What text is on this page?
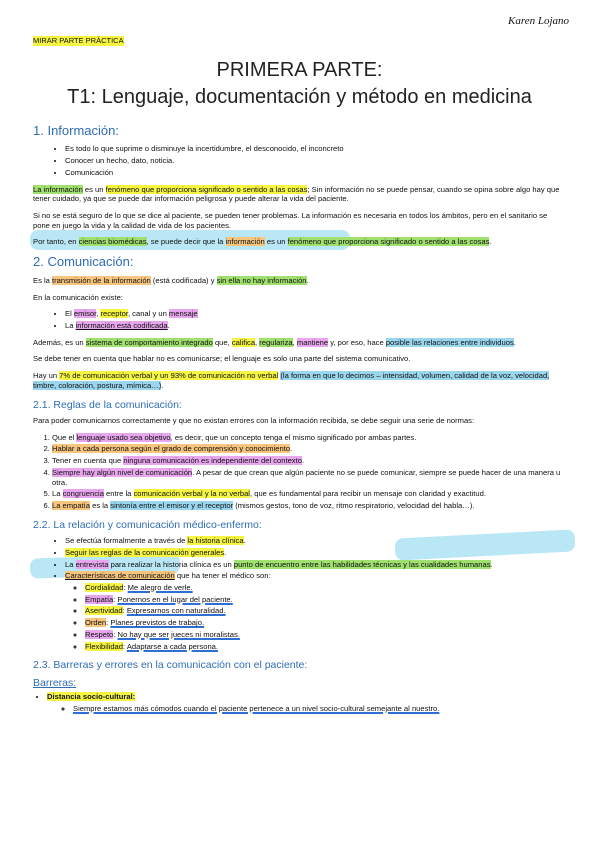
Karen Lojano
MIRAR PARTE PRÁCTICA
PRIMERA PARTE:
T1: Lenguaje, documentación y método en medicina
1. Información:
• Es todo lo que suprime o disminuye la incertidumbre, el desconocido, el inconcreto
• Conocer un hecho, dato, noticia.
• Comunicación

La información es un fenómeno que proporciona significado o sentido a las cosas; Sin información no se puede pensar, cuando se opina sobre algo hay que tener cuidado, ya que se puede dar información peligrosa y puede alterar la vida del paciente.

Si no se está seguro de lo que se dice al paciente, se pueden tener problemas. La información es necesaria en todos los ámbitos, pero en el sanitario se pone en juego la vida y la calidad de vida de los pacientes.

Por tanto, en ciencias biomédicas, se puede decir que la información es un fenómeno que proporciona significado o sentido a las cosas.

2. Comunicación:

Es la transmisión de la información (está codificada) y sin ella no hay información.

En la comunicación existe:

• El emisor, receptor, canal y un mensaje
• La información está codificada.

Además, es un sistema de comportamiento integrado que, califica, regulariza, mantiene y, por eso, hace posible las relaciones entre individuos.

Se debe tener en cuenta que hablar no es comunicarse; el lenguaje es solo una parte del sistema comunicativo.

Hay un 7% de comunicación verbal y un 93% de comunicación no verbal (la forma en que lo decimos – intensidad, volumen, calidad de la voz, velocidad, timbre, coloración, postura, mímica…).

2.1. Reglas de la comunicación:

Para poder comunicarnos correctamente y que no existan errores con la información recibida, se debe seguir una serie de normas:

1. Que el lenguaje usado sea objetivo, es decir, que un concepto tenga el mismo significado por ambas partes.
2. Hablar a cada persona según el grado de comprensión y conocimiento.
3. Tener en cuenta que ninguna comunicación es independiente del contexto.
4. Siempre hay algún nivel de comunicación. A pesar de que crean que algún paciente no se puede comunicar, siempre se puede hacer de una manera u otra.
5. La congruencia entre la comunicación verbal y la no verbal, que es fundamental para recibir un mensaje con claridad y exactitud.
6. La empatía es la sintonía entre el emisor y el receptor (mismos gestos, tono de voz, ritmo respiratorio, velocidad del habla…).
2.2. La relación y comunicación médico-enfermo:
• Se efectúa formalmente a través de la historia clínica.
• Seguir las reglas de la comunicación generales.
• La entrevista para realizar la historia clínica es un punto de encuentro entre las habilidades técnicas y las cualidades humanas.
• Características de comunicación que ha tener el médico son:
◦ Cordialidad: Me alegro de verle.
◦ Empatía: Ponernos en el lugar del paciente.
◦ Asertividad: Expresarnos con naturalidad.
◦ Orden: Planes previstos de trabajo.
◦ Respeto: No hay que ser jueces ni moralistas.
◦ Flexibilidad: Adaptarse a cada persona.
2.3. Barreras y errores en la comunicación con el paciente:
Barreras:
• Distancia socio-cultural:
◦ Siempre estamos más cómodos cuando el paciente pertenece a un nivel socio-cultural semejante al nuestro.
